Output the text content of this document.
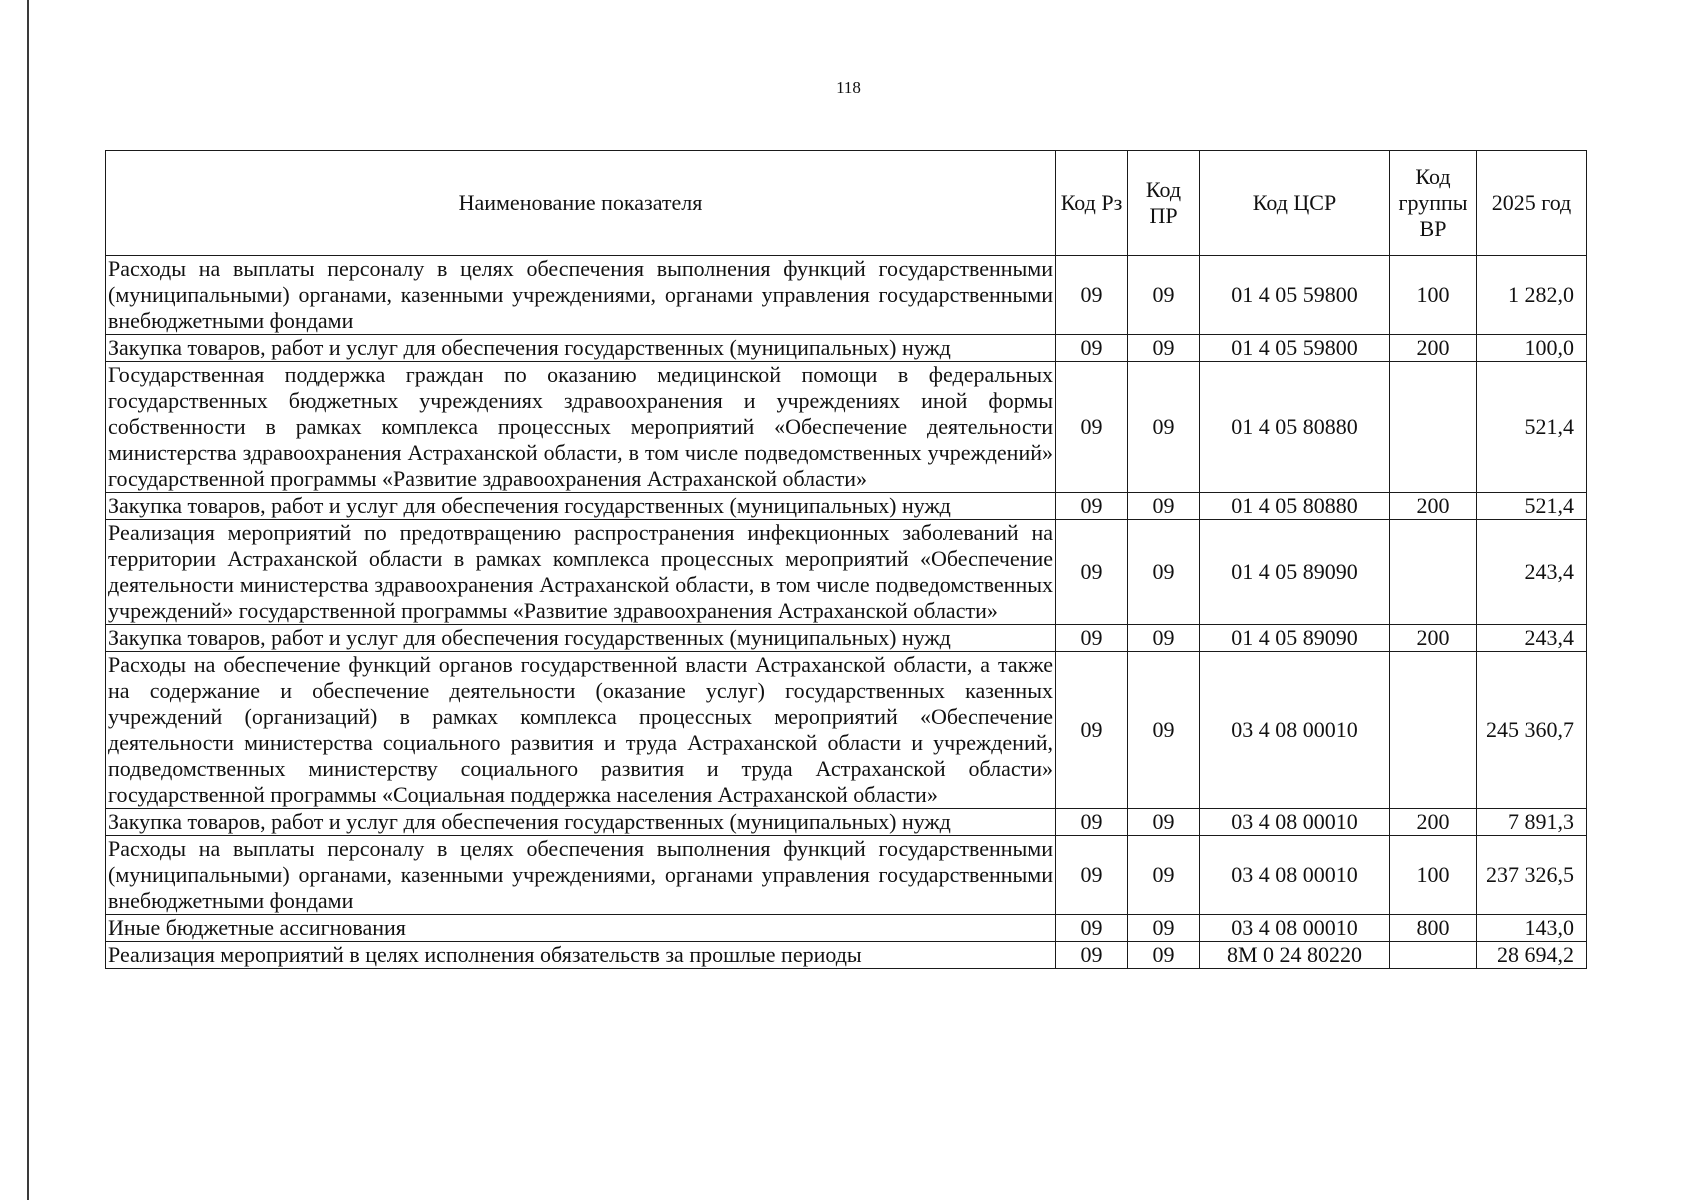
118
Наименование показателя	Код Рз	Код ПР	Код ЦСР	Код группы ВР	2025 год
Расходы на выплаты персоналу в целях обеспечения выполнения функций государственными (муниципальными) органами, казенными учреждениями, органами управления государственными внебюджетными фондами	09	09	01 4 05 59800	100	1 282,0
Закупка товаров, работ и услуг для обеспечения государственных (муниципальных) нужд	09	09	01 4 05 59800	200	100,0
Государственная поддержка граждан по оказанию медицинской помощи в федеральных государственных бюджетных учреждениях здравоохранения и учреждениях иной формы собственности в рамках комплекса процессных мероприятий «Обеспечение деятельности министерства здравоохранения Астраханской области, в том числе подведомственных учреждений» государственной программы «Развитие здравоохранения Астраханской области»	09	09	01 4 05 80880		521,4
Закупка товаров, работ и услуг для обеспечения государственных (муниципальных) нужд	09	09	01 4 05 80880	200	521,4
Реализация мероприятий по предотвращению распространения инфекционных заболеваний на территории Астраханской области в рамках комплекса процессных мероприятий «Обеспечение деятельности министерства здравоохранения Астраханской области, в том числе подведомственных учреждений» государственной программы «Развитие здравоохранения Астраханской области»	09	09	01 4 05 89090		243,4
Закупка товаров, работ и услуг для обеспечения государственных (муниципальных) нужд	09	09	01 4 05 89090	200	243,4
Расходы на обеспечение функций органов государственной власти Астраханской области, а также на содержание и обеспечение деятельности (оказание услуг) государственных казенных учреждений (организаций) в рамках комплекса процессных мероприятий «Обеспечение деятельности министерства социального развития и труда Астраханской области и учреждений, подведомственных министерству социального развития и труда Астраханской области» государственной программы «Социальная поддержка населения Астраханской области»	09	09	03 4 08 00010		245 360,7
Закупка товаров, работ и услуг для обеспечения государственных (муниципальных) нужд	09	09	03 4 08 00010	200	7 891,3
Расходы на выплаты персоналу в целях обеспечения выполнения функций государственными (муниципальными) органами, казенными учреждениями, органами управления государственными внебюджетными фондами	09	09	03 4 08 00010	100	237 326,5
Иные бюджетные ассигнования	09	09	03 4 08 00010	800	143,0
Реализация мероприятий в целях исполнения обязательств за прошлые периоды	09	09	8М 0 24 80220		28 694,2
